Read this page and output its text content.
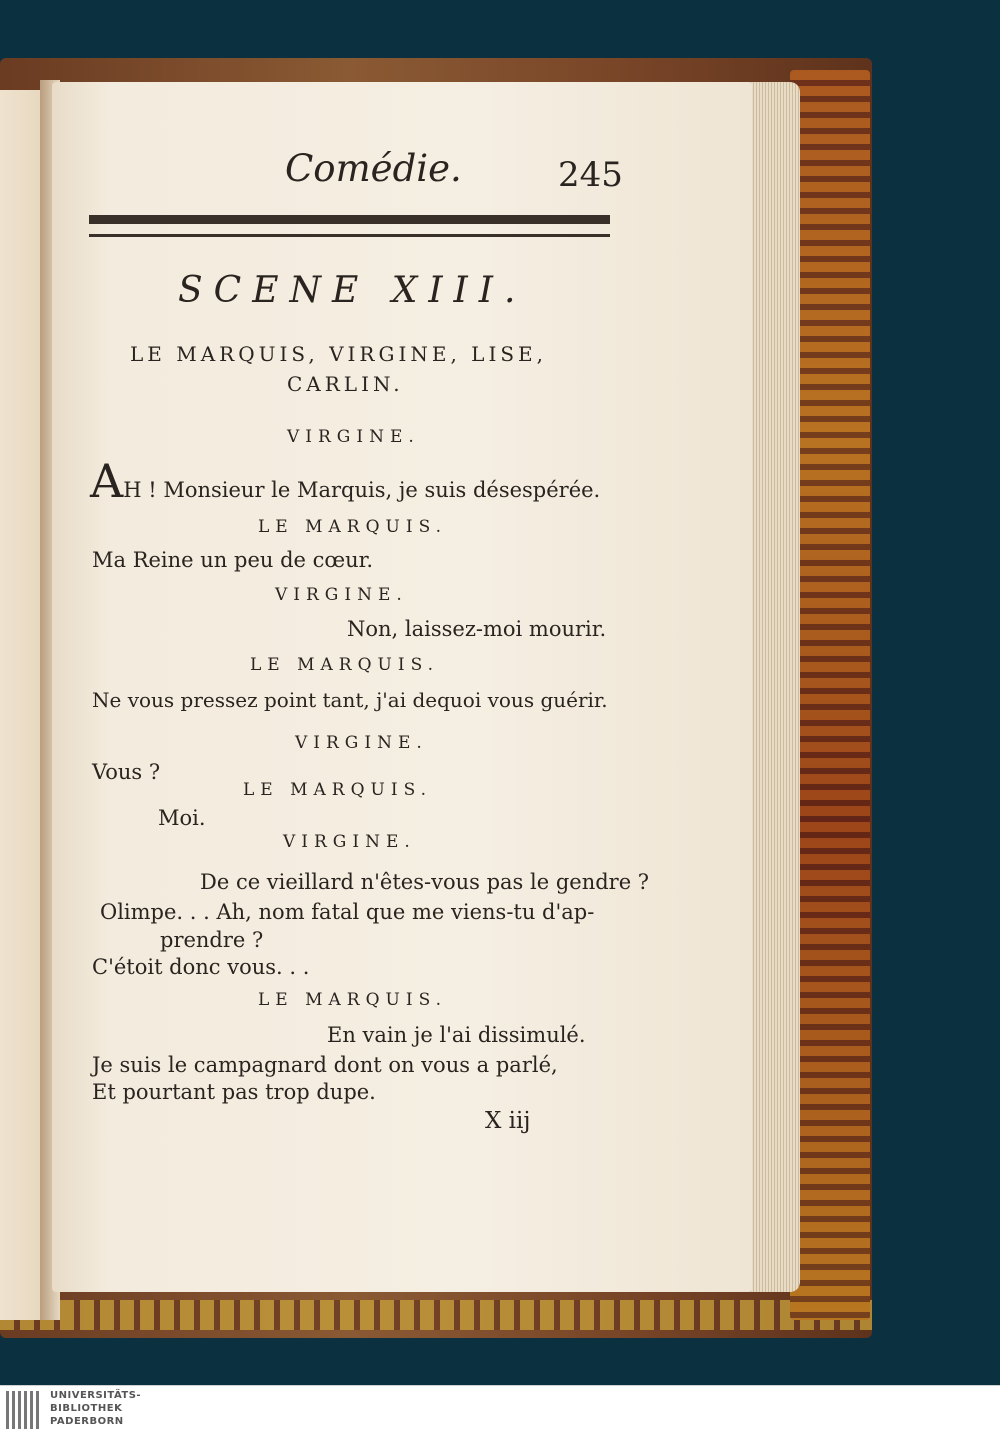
Comédie.	245
SCENE XIII.
LE MARQUIS, VIRGINE, LISE,
CARLIN.
VIRGINE.
AH ! Monsieur le Marquis, je suis désespérée.
LE MARQUIS.
Ma Reine un peu de cœur.
VIRGINE.
Non, laissez-moi mourir.
LE MARQUIS.
Ne vous pressez point tant, j'ai dequoi vous guérir.
VIRGINE.
Vous ?
LE MARQUIS.
Moi.
VIRGINE.
De ce vieillard n'êtes-vous pas le gendre ?
Olimpe. . . Ah, nom fatal que me viens-tu d'ap-
prendre ?
C'étoit donc vous. . .
LE MARQUIS.
En vain je l'ai dissimulé.
Je suis le campagnard dont on vous a parlé,
Et pourtant pas trop dupe.
X iij
UNIVERSITÄTS-
BIBLIOTHEK
PADERBORN
